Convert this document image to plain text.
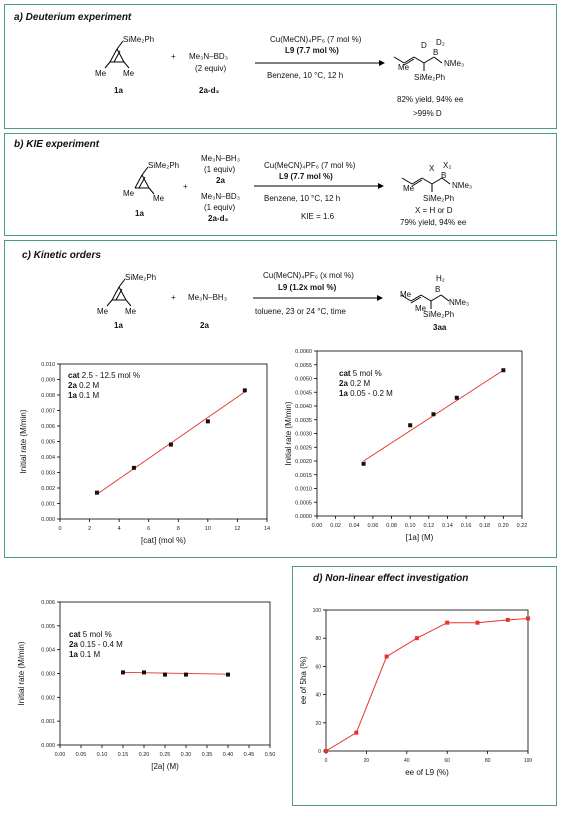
a) Deuterium experiment
SiMe₂Ph
Me Me
1a
+ Me₃N–BD₃
(2 equiv)
2a-d₃
Cu(MeCN)₄PF₆ (7 mol %)
L9 (7.7 mol %)
Benzene, 10 °C, 12 h
Me
D
B
D₂
NMe₃
SiMe₂Ph
82% yield, 94% ee
>99% D
b) KIE experiment
SiMe₂Ph
Me
Me
1a
+
Me₃N–BH₃
(1 equiv)
2a
Me₃N–BD₃
(1 equiv)
2a-d₃
Cu(MeCN)₄PF₆ (7 mol %)
L9 (7.7 mol %)
Benzene, 10 °C, 12 h
KIE = 1.6
Me
X
B
X₂
NMe₃
SiMe₂Ph
X = H or D
79% yield, 94% ee
c) Kinetic orders
SiMe₂Ph
Me Me
1a
+ Me₃N–BH₃
2a
Cu(MeCN)₄PF₆ (x mol %)
L9 (1.2x mol %)
toluene, 23 or 24 °C, time
Me
Me
H₂
B
NMe₃
SiMe₂Ph
3aa
0	2	4	6	8	10	12	14
0.000
0.001
0.002
0.003
0.004
0.005
0.006
0.007
0.008
0.009
0.010
[cat] (mol %)
Initial rate (M/min)
cat 2.5 - 12.5 mol %
2a 0.2 M
1a 0.1 M
0.00 0.02 0.04 0.06 0.08 0.10 0.12 0.14 0.16 0.18 0.20 0.22
0.0000
0.0005
0.0010
0.0015
0.0020
0.0025
0.0030
0.0035
0.0040
0.0045
0.0050
0.0055
0.0060
[1a] (M)
Initial rate (M/min)
cat 5 mol %
2a 0.2 M
1a 0.05 - 0.2 M
0.00 0.05 0.10 0.15 0.20 0.25 0.30 0.35 0.40 0.45 0.50
0.000
0.001
0.002
0.003
0.004
0.005
0.006
[2a] (M)
Initial rate (M/min)
cat 5 mol %
2a 0.15 - 0.4 M
1a 0.1 M
d) Non-linear effect investigation
0	20	40	60	80	100
0
20
40
60
80
100
ee of L9 (%)
ee of 5ha (%)
